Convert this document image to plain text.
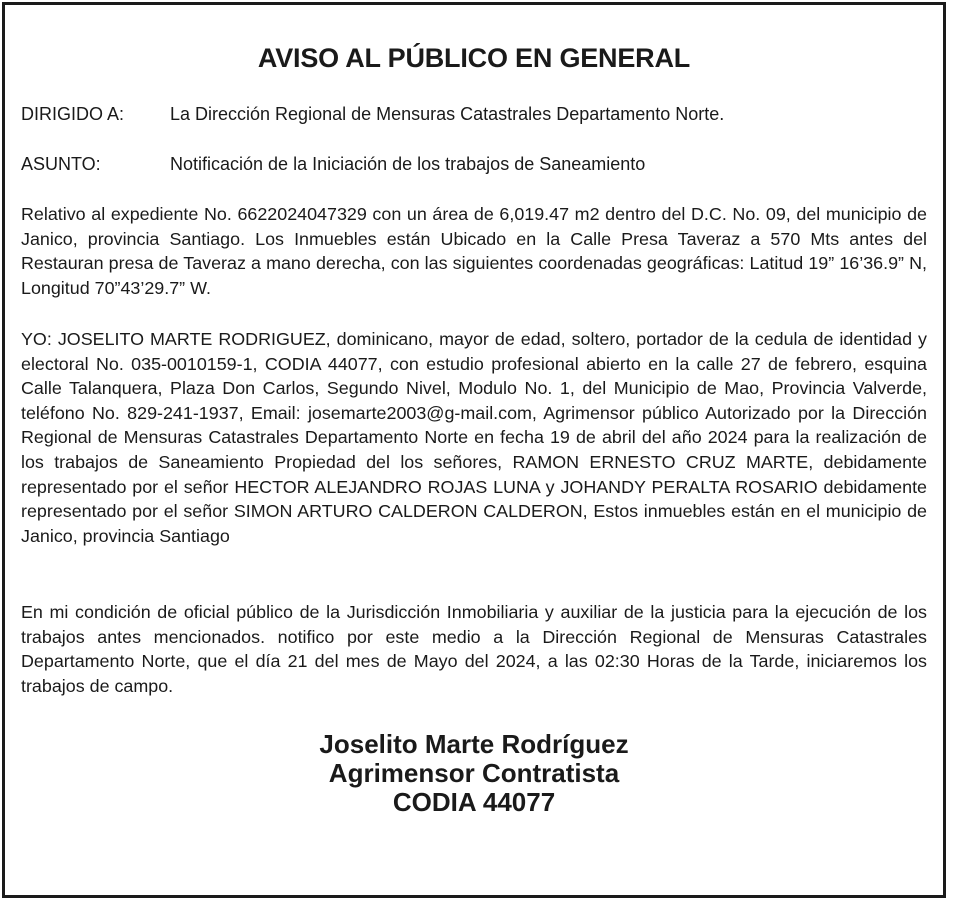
AVISO AL PÚBLICO EN GENERAL
DIRIGIDO A:	La Dirección Regional de Mensuras Catastrales Departamento Norte.
ASUNTO:	Notificación de la Iniciación de los trabajos de Saneamiento

Relativo al expediente No. 6622024047329 con un área de 6,019.47 m2 dentro del D.C. No. 09, del municipio de Janico, provincia Santiago. Los Inmuebles están Ubicado en la Calle Presa Taveraz a 570 Mts antes del Restauran presa de Taveraz a mano derecha, con las siguientes coordenadas geográficas: Latitud 19” 16’36.9” N, Longitud 70”43’29.7” W.

YO: JOSELITO MARTE RODRIGUEZ, dominicano, mayor de edad, soltero, portador de la cedula de identidad y electoral No. 035-0010159-1, CODIA 44077, con estudio profesional abierto en la calle 27 de febrero, esquina Calle Talanquera, Plaza Don Carlos, Segundo Nivel, Modulo No. 1, del Municipio de Mao, Provincia Valverde, teléfono No. 829-241-1937, Email: josemarte2003@g-mail.com, Agrimensor público Autorizado por la Dirección Regional de Mensuras Catastrales Departamento Norte en fecha 19 de abril del año 2024 para la realización de los trabajos de Saneamiento Propiedad del los señores, RAMON ERNESTO CRUZ MARTE, debidamente representado por el señor HECTOR ALEJANDRO ROJAS LUNA y JOHANDY PERALTA ROSARIO debidamente representado por el señor SIMON ARTURO CALDERON CALDERON, Estos inmuebles están en el municipio de Janico, provincia Santiago

En mi condición de oficial público de la Jurisdicción Inmobiliaria y auxiliar de la justicia para la ejecución de los trabajos antes mencionados. notifico por este medio a la Dirección Regional de Mensuras Catastrales Departamento Norte, que el día 21 del mes de Mayo del 2024, a las 02:30 Horas de la Tarde, iniciaremos los trabajos de campo.

Joselito Marte Rodríguez
Agrimensor Contratista
CODIA 44077
